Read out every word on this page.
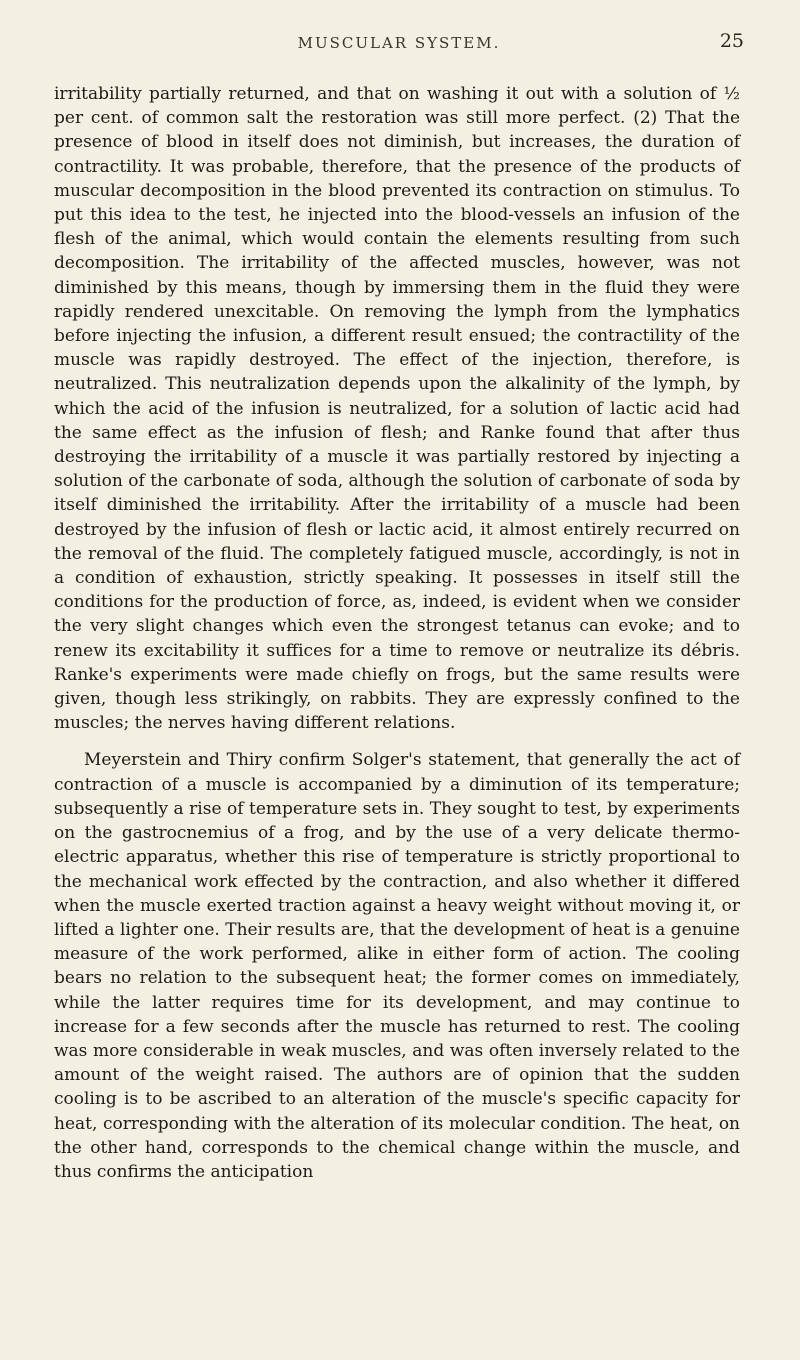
MUSCULAR SYSTEM.	25

irritability partially returned, and that on washing it out with a solution of ½ per cent. of common salt the restoration was still more perfect. (2) That the presence of blood in itself does not diminish, but increases, the duration of contractility. It was probable, therefore, that the presence of the products of muscular decomposition in the blood prevented its contraction on stimulus. To put this idea to the test, he injected into the blood-vessels an infusion of the flesh of the animal, which would contain the elements resulting from such decomposition. The irritability of the affected muscles, however, was not diminished by this means, though by immersing them in the fluid they were rapidly rendered unexcitable. On removing the lymph from the lymphatics before injecting the infusion, a different result ensued; the contractility of the muscle was rapidly destroyed. The effect of the injection, therefore, is neutralized. This neutralization depends upon the alkalinity of the lymph, by which the acid of the infusion is neutralized, for a solution of lactic acid had the same effect as the infusion of flesh; and Ranke found that after thus destroying the irritability of a muscle it was partially restored by injecting a solution of the carbonate of soda, although the solution of carbonate of soda by itself diminished the irritability. After the irritability of a muscle had been destroyed by the infusion of flesh or lactic acid, it almost entirely recurred on the removal of the fluid. The completely fatigued muscle, accordingly, is not in a condition of exhaustion, strictly speaking. It possesses in itself still the conditions for the production of force, as, indeed, is evident when we consider the very slight changes which even the strongest tetanus can evoke; and to renew its excitability it suffices for a time to remove or neutralize its débris. Ranke's experiments were made chiefly on frogs, but the same results were given, though less strikingly, on rabbits. They are expressly confined to the muscles; the nerves having different relations.

Meyerstein and Thiry confirm Solger's statement, that generally the act of contraction of a muscle is accompanied by a diminution of its temperature; subsequently a rise of temperature sets in. They sought to test, by experiments on the gastrocnemius of a frog, and by the use of a very delicate thermo-electric apparatus, whether this rise of temperature is strictly proportional to the mechanical work effected by the contraction, and also whether it differed when the muscle exerted traction against a heavy weight without moving it, or lifted a lighter one. Their results are, that the development of heat is a genuine measure of the work performed, alike in either form of action. The cooling bears no relation to the subsequent heat; the former comes on immediately, while the latter requires time for its development, and may continue to increase for a few seconds after the muscle has returned to rest. The cooling was more considerable in weak muscles, and was often inversely related to the amount of the weight raised. The authors are of opinion that the sudden cooling is to be ascribed to an alteration of the muscle's specific capacity for heat, corresponding with the alteration of its molecular condition. The heat, on the other hand, corresponds to the chemical change within the muscle, and thus confirms the anticipation
